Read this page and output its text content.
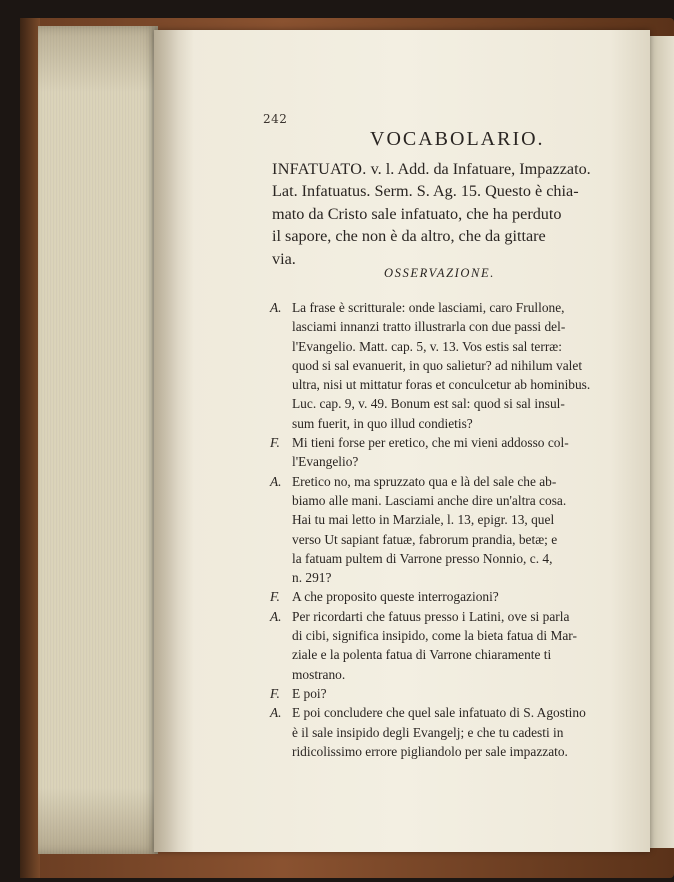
242
VOCABOLARIO.
INFATUATO. v. l. Add. da Infatuare, Impazzato.
Lat. Infatuatus. Serm. S. Ag. 15. Questo è chia-
mato da Cristo sale infatuato, che ha perduto
il sapore, che non è da altro, che da gittare
via.
OSSERVAZIONE.
A. La frase è scritturale: onde lasciami, caro Frullone,
lasciami innanzi tratto illustrarla con due passi del-
l'Evangelio. Matt. cap. 5, v. 13. Vos estis sal terræ:
quod si sal evanuerit, in quo salietur? ad nihilum valet
ultra, nisi ut mittatur foras et conculcetur ab hominibus.
Luc. cap. 9, v. 49. Bonum est sal: quod si sal insul-
sum fuerit, in quo illud condietis?
F. Mi tieni forse per eretico, che mi vieni addosso col-
l'Evangelio?
A. Eretico no, ma spruzzato qua e là del sale che ab-
biamo alle mani. Lasciami anche dire un'altra cosa.
Hai tu mai letto in Marziale, l. 13, epigr. 13, quel
verso Ut sapiant fatuæ, fabrorum prandia, betæ; e
la fatuam pultem di Varrone presso Nonnio, c. 4,
n. 291?
F. A che proposito queste interrogazioni?
A. Per ricordarti che fatuus presso i Latini, ove si parla
di cibi, significa insipido, come la bieta fatua di Mar-
ziale e la polenta fatua di Varrone chiaramente ti
mostrano.
F. E poi?
A. E poi concludere che quel sale infatuato di S. Agostino
è il sale insipido degli Evangelj; e che tu cadesti in
ridicolissimo errore pigliandolo per sale impazzato.
